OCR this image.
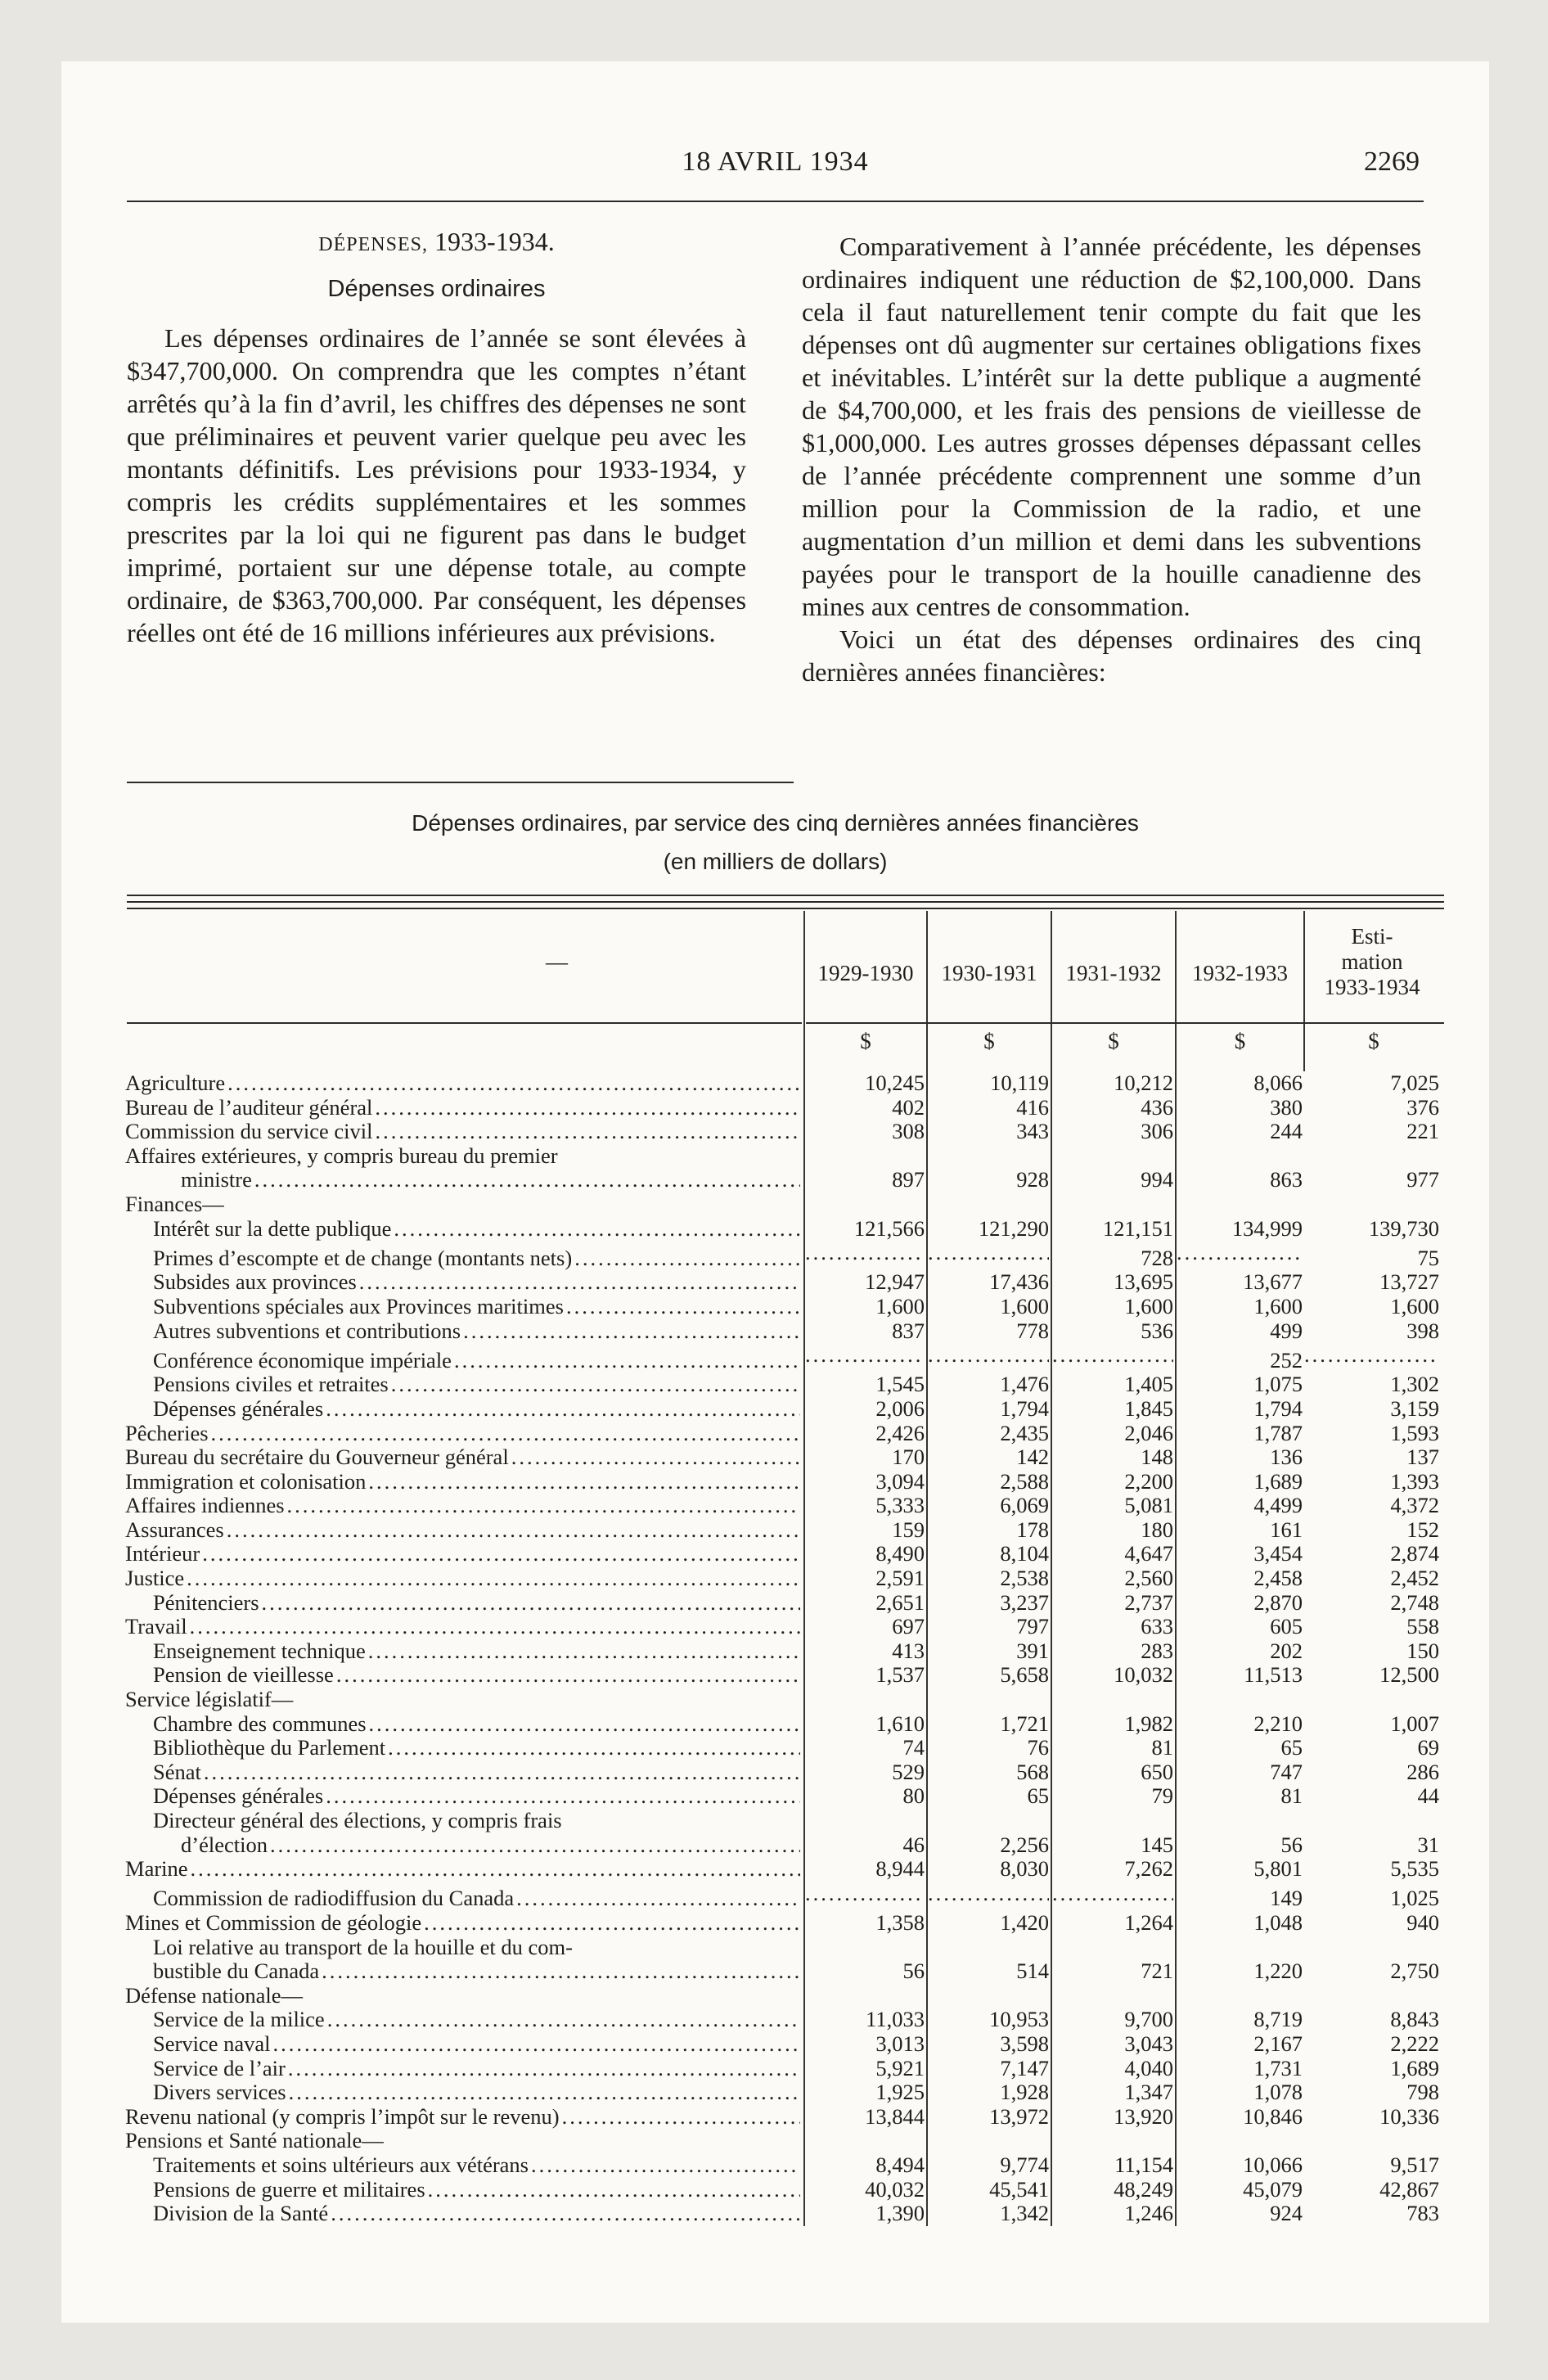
18 AVRIL 1934	2269
DÉPENSES, 1933-1934.
Dépenses ordinaires

Les dépenses ordinaires de l’année se sont élevées à $347,700,000. On comprendra que les comptes n’étant arrêtés qu’à la fin d’avril, les chiffres des dépenses ne sont que préliminaires et peuvent varier quelque peu avec les montants définitifs. Les prévisions pour 1933-1934, y compris les crédits supplémentaires et les sommes prescrites par la loi qui ne figurent pas dans le budget imprimé, portaient sur une dépense totale, au compte ordinaire, de $363,700,000. Par conséquent, les dépenses réelles ont été de 16 millions inférieures aux prévisions.

Comparativement à l’année précédente, les dépenses ordinaires indiquent une réduction de $2,100,000. Dans cela il faut naturellement tenir compte du fait que les dépenses ont dû augmenter sur certaines obligations fixes et inévitables. L’intérêt sur la dette publique a augmenté de $4,700,000, et les frais des pensions de vieillesse de $1,000,000. Les autres grosses dépenses dépassant celles de l’année précédente comprennent une somme d’un million pour la Commission de la radio, et une augmentation d’un million et demi dans les subventions payées pour le transport de la houille canadienne des mines aux centres de consommation.

Voici un état des dépenses ordinaires des cinq dernières années financières:

Dépenses ordinaires, par service des cinq dernières années financières
(en milliers de dollars)
—	1929-1930	1930-1931	1931-1932	1932-1933	Esti-
mation
1933-1934

	$	$	$	$	$

Agriculture
.....	10,245	10,119	10,212	8,066	7,025

Bureau de l’auditeur général
.....	402	416	436	380	376

Commission du service civil
.....	308	343	306	244	221

Affaires extérieures, y compris bureau du premier					

ministre
.....	897	928	994	863	977

Finances—					

Intérêt sur la dette publique
.....	121,566	121,290	121,151	134,999	139,730

Primes d’escompte et de change (montants nets)
.....
	.....	.....	728	.....	75

Subsides aux provinces
.....	12,947	17,436	13,695	13,677	13,727

Subventions spéciales aux Provinces maritimes
.....	1,600	1,600	1,600	1,600	1,600

Autres subventions et contributions
.....	837	778	536	499	398

Conférence économique impériale
.....
	.....	.....	.....	252	.....

Pensions civiles et retraites
.....	1,545	1,476	1,405	1,075	1,302

Dépenses générales
.....	2,006	1,794	1,845	1,794	3,159

Pêcheries
.....	2,426	2,435	2,046	1,787	1,593

Bureau du secrétaire du Gouverneur général
.....	170	142	148	136	137

Immigration et colonisation
.....	3,094	2,588	2,200	1,689	1,393

Affaires indiennes
.....	5,333	6,069	5,081	4,499	4,372

Assurances
.....	159	178	180	161	152

Intérieur
.....	8,490	8,104	4,647	3,454	2,874

Justice
.....	2,591	2,538	2,560	2,458	2,452

Pénitenciers
.....	2,651	3,237	2,737	2,870	2,748

Travail
.....	697	797	633	605	558

Enseignement technique
.....	413	391	283	202	150

Pension de vieillesse
.....	1,537	5,658	10,032	11,513	12,500

Service législatif—					

Chambre des communes
.....	1,610	1,721	1,982	2,210	1,007

Bibliothèque du Parlement
.....	74	76	81	65	69

Sénat
.....	529	568	650	747	286

Dépenses générales
.....	80	65	79	81	44

Directeur général des élections, y compris frais					

d’élection
.....	46	2,256	145	56	31

Marine
.....	8,944	8,030	7,262	5,801	5,535

Commission de radiodiffusion du Canada
.....
	.....	.....	.....	149	1,025

Mines et Commission de géologie
.....	1,358	1,420	1,264	1,048	940

Loi relative au transport de la houille et du com-					

bustible du Canada
.....	56	514	721	1,220	2,750

Défense nationale—					

Service de la milice
.....	11,033	10,953	9,700	8,719	8,843

Service naval
.....	3,013	3,598	3,043	2,167	2,222

Service de l’air
.....	5,921	7,147	4,040	1,731	1,689

Divers services
.....	1,925	1,928	1,347	1,078	798

Revenu national (y compris l’impôt sur le revenu)
.....	13,844	13,972	13,920	10,846	10,336

Pensions et Santé nationale—					

Traitements et soins ultérieurs aux vétérans
.....	8,494	9,774	11,154	10,066	9,517

Pensions de guerre et militaires
.....	40,032	45,541	48,249	45,079	42,867

Division de la Santé
.....	1,390	1,342	1,246	924	783
